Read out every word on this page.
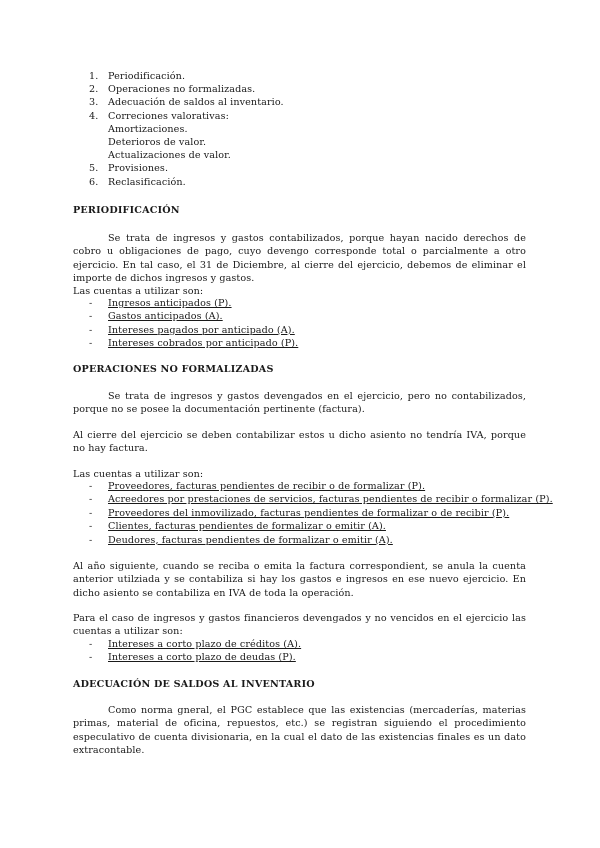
1.	Periodificación.
2.	Operaciones no formalizadas.
3.	Adecuación de saldos al inventario.
4.	Correciones valorativas:
Amortizaciones.
Deterioros de valor.
Actualizaciones de valor.
5.	Provisiones.
6.	Reclasificación.
PERIODIFICACIÓN
Se trata de ingresos y gastos contabilizados, porque hayan nacido derechos de cobro u obligaciones de pago, cuyo devengo corresponde total o parcialmente a otro ejercicio. En tal caso, el 31 de Diciembre, al cierre del ejercicio, debemos de eliminar el importe de dichos ingresos y gastos.
Las cuentas a utilizar son:
-	Ingresos anticipados (P).
-	Gastos anticipados (A).
-	Intereses pagados por anticipado (A).
-	Intereses cobrados por anticipado (P).
OPERACIONES NO FORMALIZADAS
Se trata de ingresos y gastos devengados en el ejercicio, pero no contabilizados, porque no se posee la documentación pertinente (factura).
Al cierre del ejercicio se deben contabilizar estos u dicho asiento no tendría IVA, porque no hay factura.
Las cuentas a utilizar son:
-	Proveedores, facturas pendientes de recibir o de formalizar (P).
-	Acreedores por prestaciones de servicios, facturas pendientes de recibir o formalizar (P).
-	Proveedores del inmovilizado, facturas pendientes de formalizar o de recibir (P).
-	Clientes, facturas pendientes de formalizar o emitir (A).
-	Deudores, facturas pendientes de formalizar o emitir (A).
Al año siguiente, cuando se reciba o emita la factura correspondient, se anula la cuenta anterior utilziada y se contabiliza si hay los gastos e ingresos en ese nuevo ejercicio. En dicho asiento se contabiliza en IVA de toda la operación.
Para el caso de ingresos y gastos financieros devengados y no vencidos en el ejercicio las cuentas a utilizar son:
-	Intereses a corto plazo de créditos (A).
-	Intereses a corto plazo de deudas (P).
ADECUACIÓN DE SALDOS AL INVENTARIO
Como norma gneral, el PGC establece que las existencias (mercaderías, materias primas, material de oficina, repuestos, etc.) se registran siguiendo el procedimiento especulativo de cuenta divisionaria, en la cual el dato de las existencias finales es un dato extracontable.
